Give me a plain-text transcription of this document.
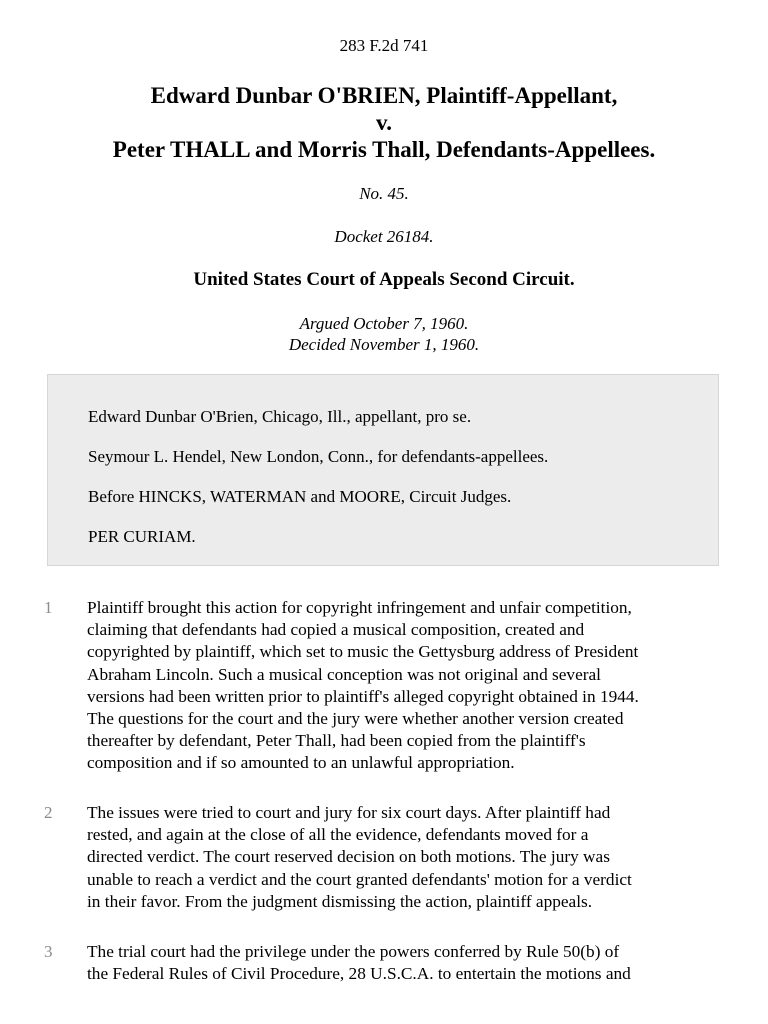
283 F.2d 741
Edward Dunbar O'BRIEN, Plaintiff-Appellant,
v.
Peter THALL and Morris Thall, Defendants-Appellees.
No. 45.
Docket 26184.
United States Court of Appeals Second Circuit.
Argued October 7, 1960.
Decided November 1, 1960.

Edward Dunbar O'Brien, Chicago, Ill., appellant, pro se.

Seymour L. Hendel, New London, Conn., for defendants-appellees.

Before HINCKS, WATERMAN and MOORE, Circuit Judges.

PER CURIAM.

1 Plaintiff brought this action for copyright infringement and unfair competition,
claiming that defendants had copied a musical composition, created and
copyrighted by plaintiff, which set to music the Gettysburg address of President
Abraham Lincoln. Such a musical conception was not original and several
versions had been written prior to plaintiff's alleged copyright obtained in 1944.
The questions for the court and the jury were whether another version created
thereafter by defendant, Peter Thall, had been copied from the plaintiff's
composition and if so amounted to an unlawful appropriation.
2 The issues were tried to court and jury for six court days. After plaintiff had
rested, and again at the close of all the evidence, defendants moved for a
directed verdict. The court reserved decision on both motions. The jury was
unable to reach a verdict and the court granted defendants' motion for a verdict
in their favor. From the judgment dismissing the action, plaintiff appeals.
3 The trial court had the privilege under the powers conferred by Rule 50(b) of
the Federal Rules of Civil Procedure, 28 U.S.C.A. to entertain the motions and
